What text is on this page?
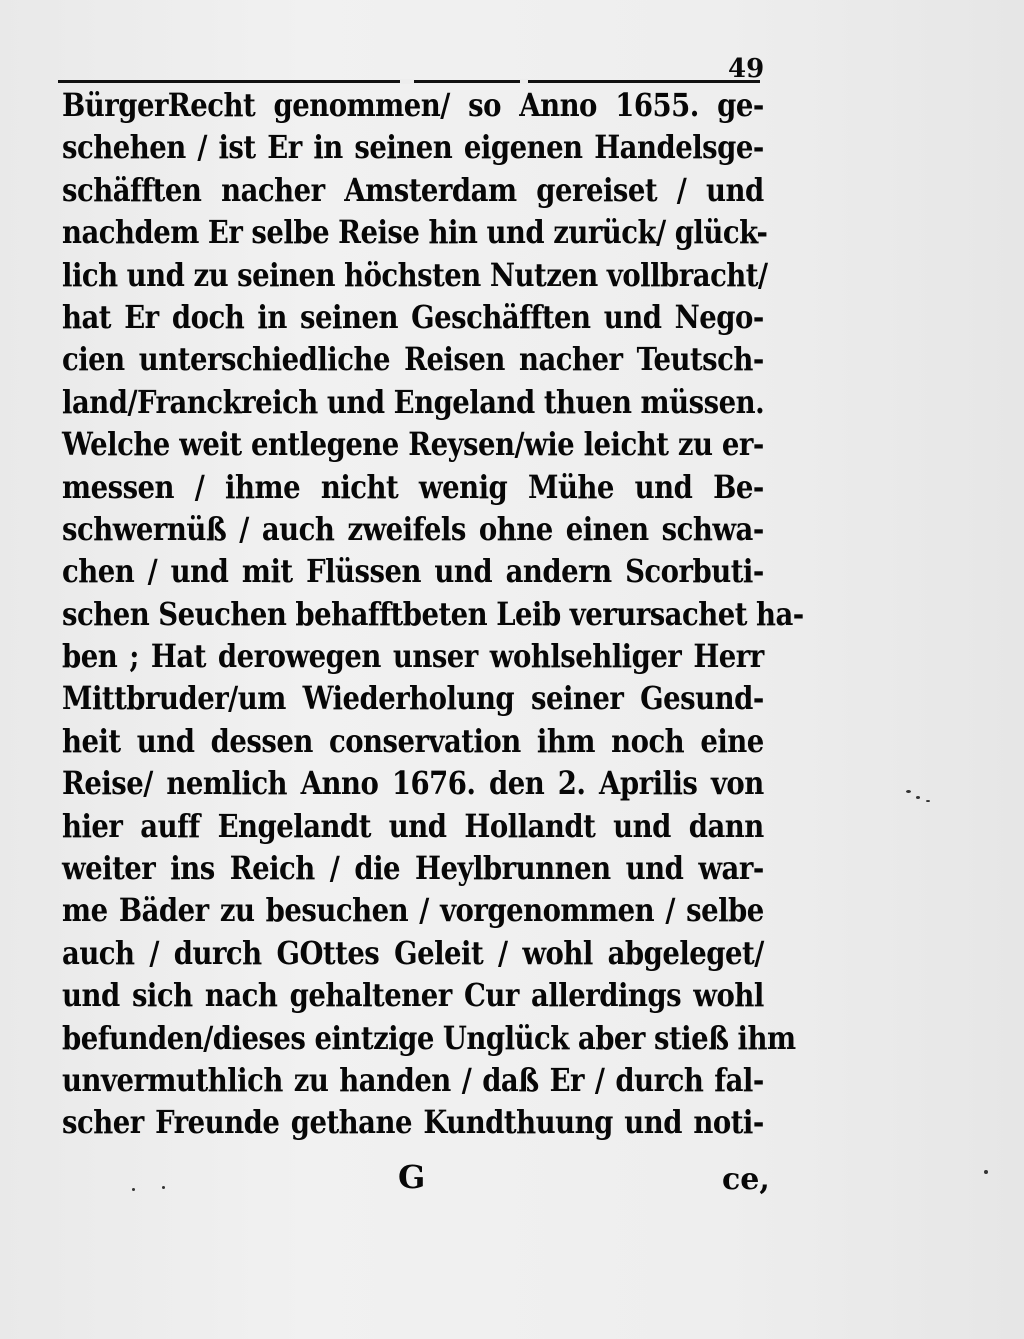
49
BürgerRecht genommen/ so Anno 1655. ge-
schehen / ist Er in seinen eigenen Handelsge-
schäfften nacher Amsterdam gereiset / und
nachdem Er selbe Reise hin und zurück/ glück-
lich und zu seinen höchsten Nutzen vollbracht/
hat Er doch in seinen Geschäfften und Nego-
cien unterschiedliche Reisen nacher Teutsch-
land/Franckreich und Engeland thuen müssen.
Welche weit entlegene Reysen/wie leicht zu er-
messen / ihme nicht wenig Mühe und Be-
schwernüß / auch zweifels ohne einen schwa-
chen / und mit Flüssen und andern Scorbuti-
schen Seuchen behafftbeten Leib verursachet ha-
ben ; Hat derowegen unser wohlsehliger Herr
Mittbruder/um Wiederholung seiner Gesund-
heit und dessen conservation ihm noch eine
Reise/ nemlich Anno 1676. den 2. Aprilis von
hier auff Engelandt und Hollandt und dann
weiter ins Reich / die Heylbrunnen und war-
me Bäder zu besuchen / vorgenommen / selbe
auch / durch GOttes Geleit / wohl abgeleget/
und sich nach gehaltener Cur allerdings wohl
befunden/dieses eintzige Unglück aber stieß ihm
unvermuthlich zu handen / daß Er / durch fal-
scher Freunde gethane Kundthuung und noti-
G	ce,
